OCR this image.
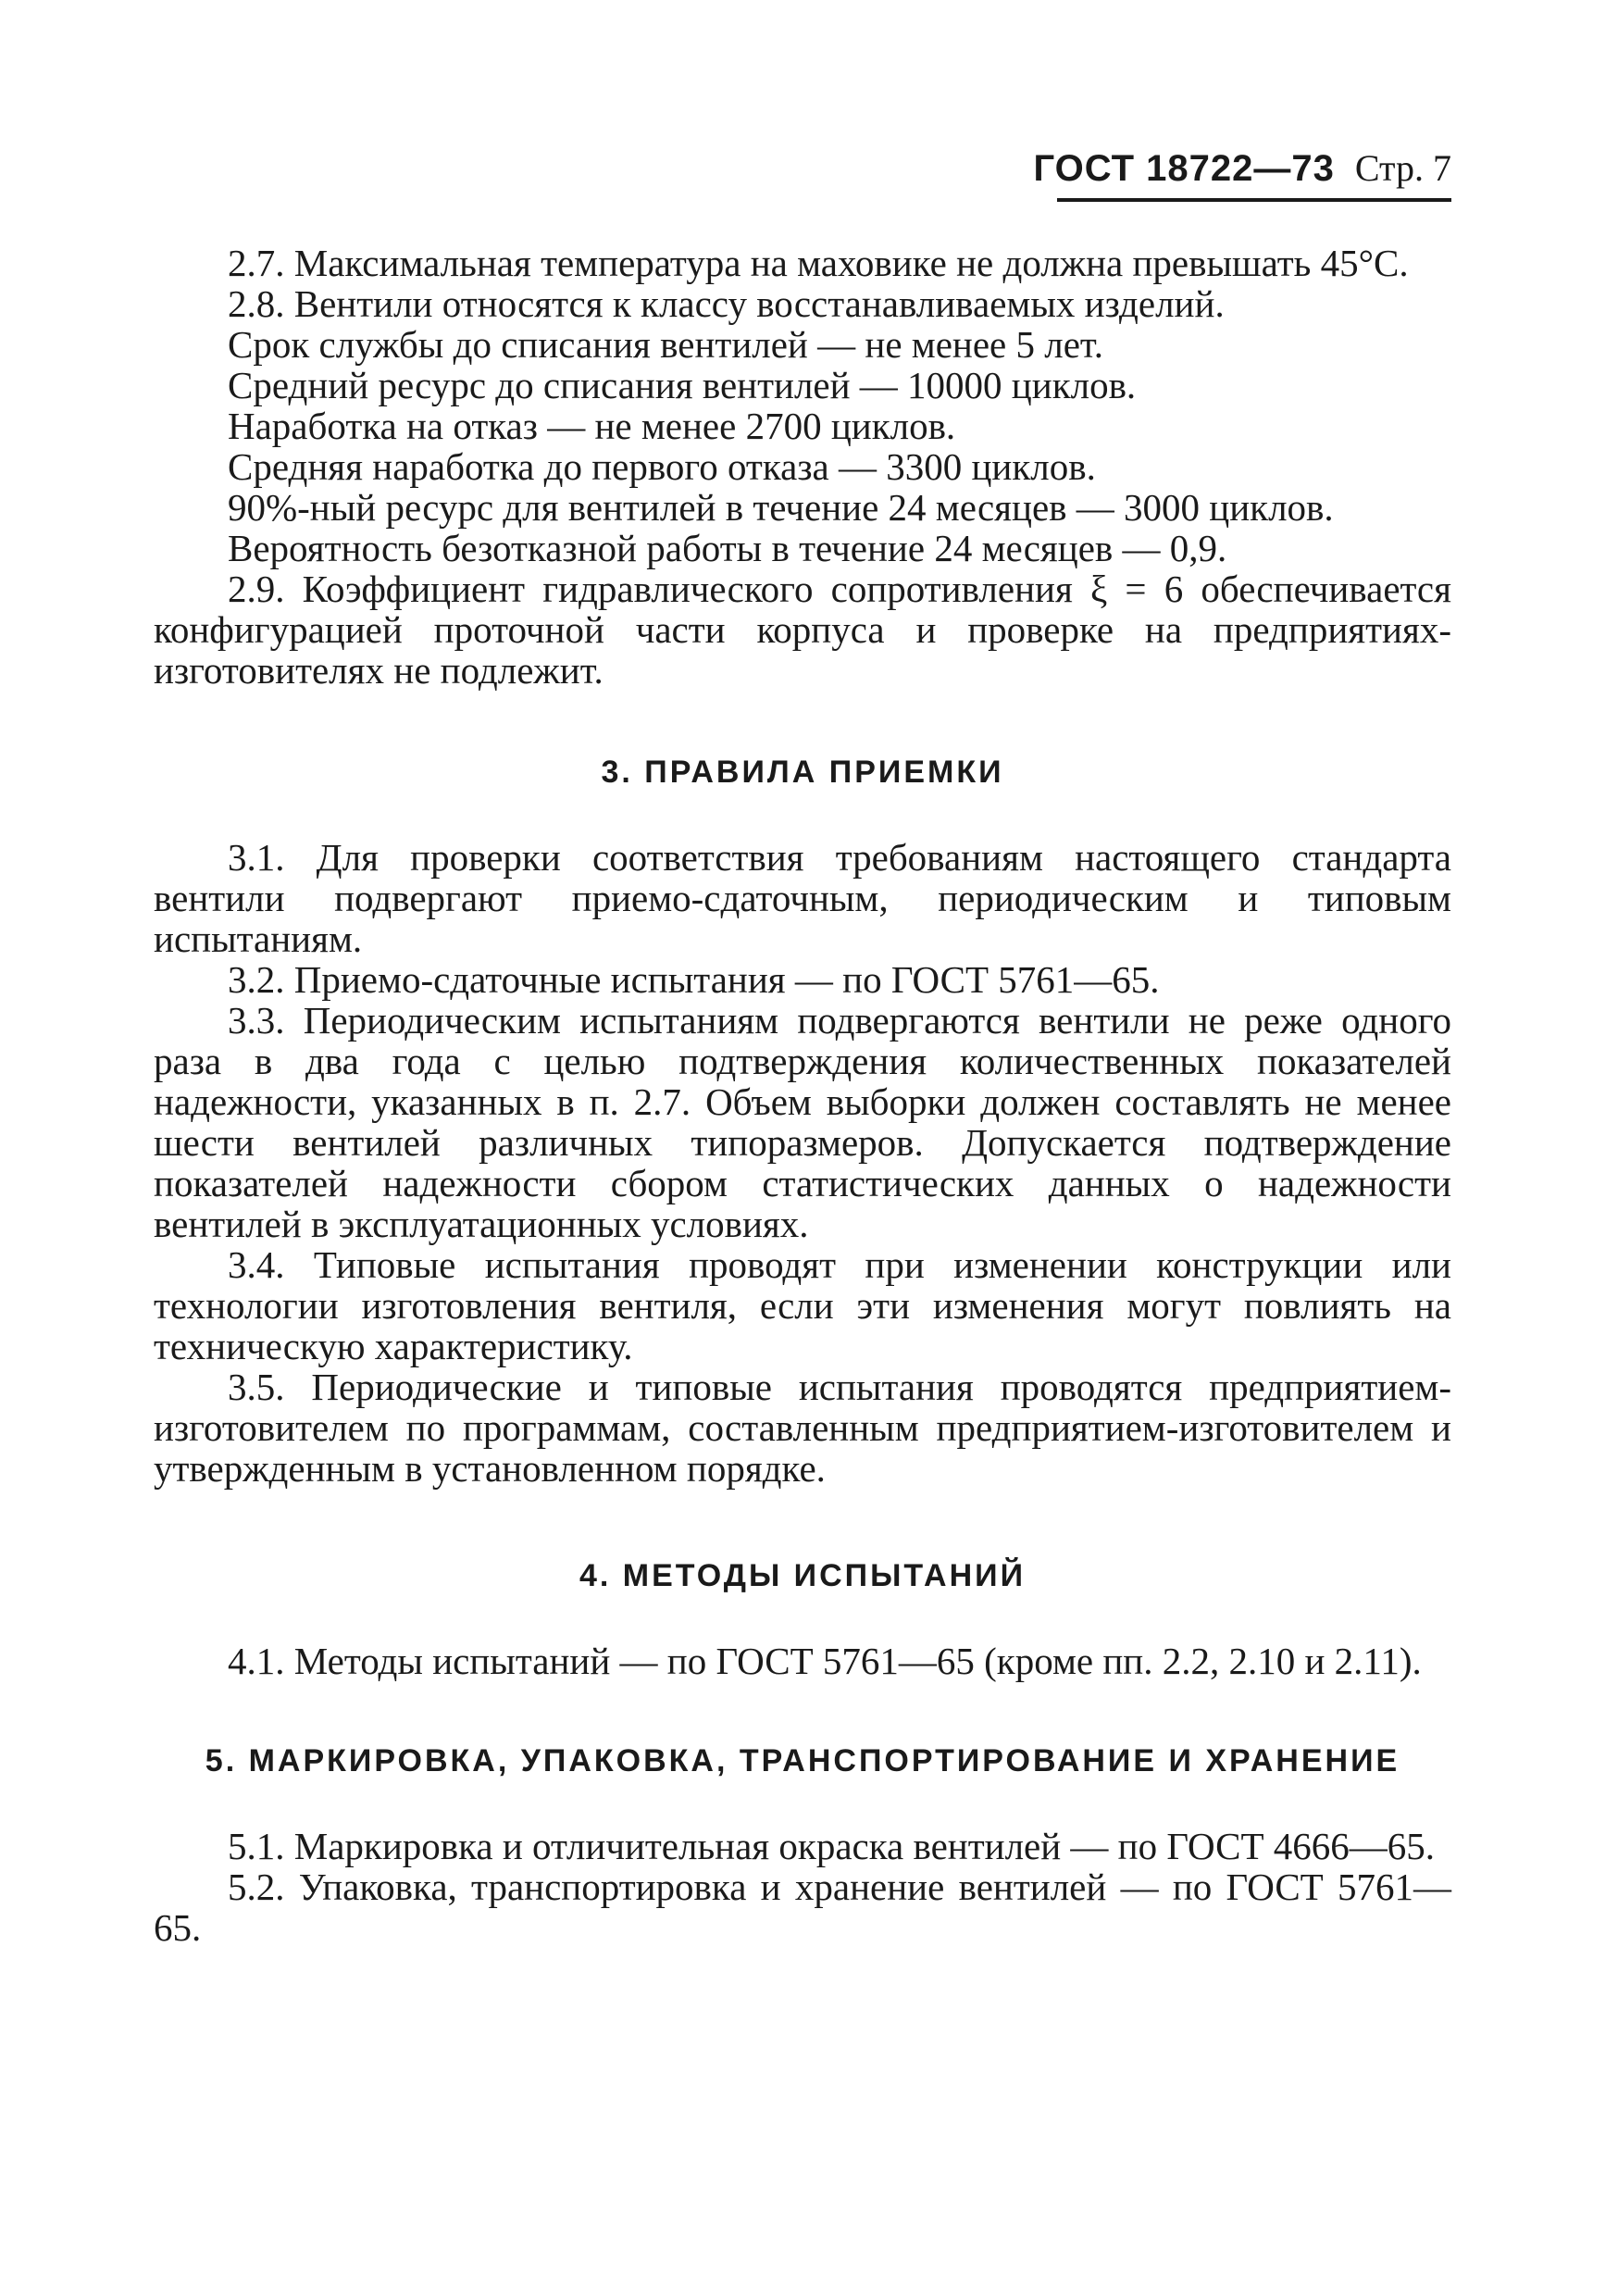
ГОСТ 18722—73 Стр. 7

2.7. Максимальная температура на маховике не должна превышать 45°С.

2.8. Вентили относятся к классу восстанавливаемых изделий.

Срок службы до списания вентилей — не менее 5 лет.

Средний ресурс до списания вентилей — 10000 циклов.

Наработка на отказ — не менее 2700 циклов.

Средняя наработка до первого отказа — 3300 циклов.

90%-ный ресурс для вентилей в течение 24 месяцев — 3000 циклов.

Вероятность безотказной работы в течение 24 месяцев — 0,9.

2.9. Коэффициент гидравлического сопротивления ξ = 6 обеспечивается конфигурацией проточной части корпуса и проверке на предприятиях-изготовителях не подлежит.

3. ПРАВИЛА ПРИЕМКИ

3.1. Для проверки соответствия требованиям настоящего стандарта вентили подвергают приемо-сдаточным, периодическим и типовым испытаниям.

3.2. Приемо-сдаточные испытания — по ГОСТ 5761—65.

3.3. Периодическим испытаниям подвергаются вентили не реже одного раза в два года с целью подтверждения количественных показателей надежности, указанных в п. 2.7. Объем выборки должен составлять не менее шести вентилей различных типоразмеров. Допускается подтверждение показателей надежности сбором статистических данных о надежности вентилей в эксплуатационных условиях.

3.4. Типовые испытания проводят при изменении конструкции или технологии изготовления вентиля, если эти изменения могут повлиять на техническую характеристику.

3.5. Периодические и типовые испытания проводятся предприятием-изготовителем по программам, составленным предприятием-изготовителем и утвержденным в установленном порядке.

4. МЕТОДЫ ИСПЫТАНИЙ

4.1. Методы испытаний — по ГОСТ 5761—65 (кроме пп. 2.2, 2.10 и 2.11).

5. МАРКИРОВКА, УПАКОВКА, ТРАНСПОРТИРОВАНИЕ И ХРАНЕНИЕ

5.1. Маркировка и отличительная окраска вентилей — по ГОСТ 4666—65.

5.2. Упаковка, транспортировка и хранение вентилей — по ГОСТ 5761—65.
